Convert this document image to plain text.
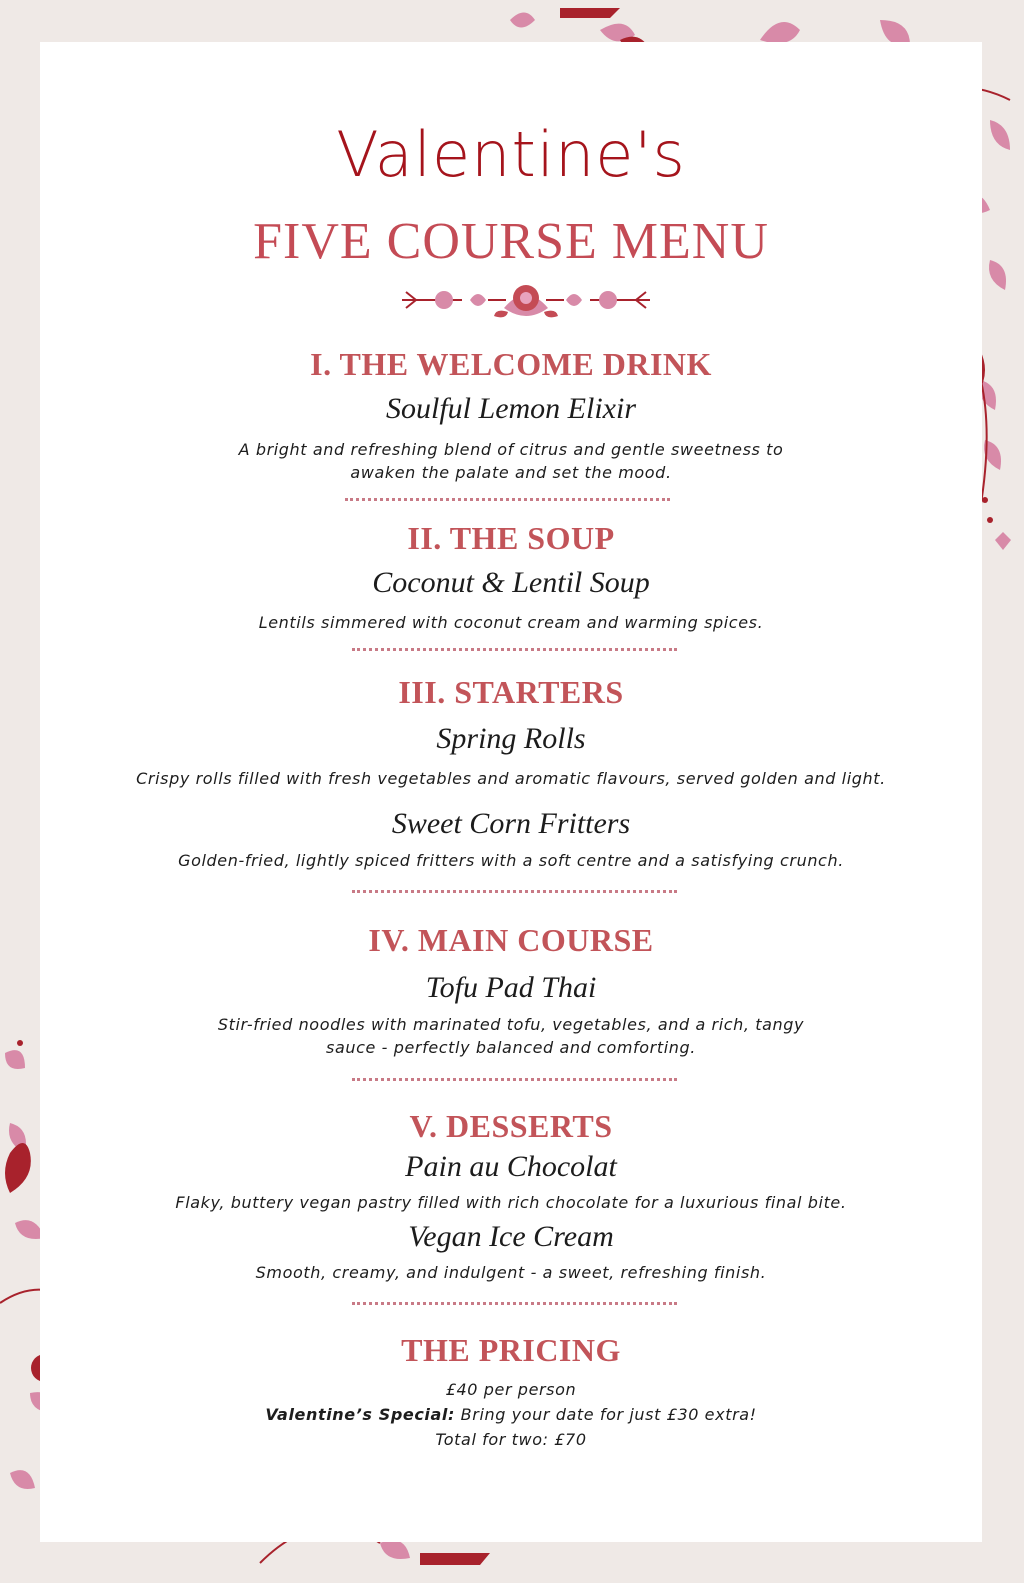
Valentine's
FIVE COURSE MENU
I. THE WELCOME DRINK
Soulful Lemon Elixir
A bright and refreshing blend of citrus and gentle sweetness to
awaken the palate and set the mood.
II. THE SOUP
Coconut & Lentil Soup
Lentils simmered with coconut cream and warming spices.
III. STARTERS
Spring Rolls
Crispy rolls filled with fresh vegetables and aromatic flavours, served golden and light.
Sweet Corn Fritters
Golden-fried, lightly spiced fritters with a soft centre and a satisfying crunch.
IV. MAIN COURSE
Tofu Pad Thai
Stir-fried noodles with marinated tofu, vegetables, and a rich, tangy
sauce - perfectly balanced and comforting.
V. DESSERTS
Pain au Chocolat
Flaky, buttery vegan pastry filled with rich chocolate for a luxurious final bite.
Vegan Ice Cream
Smooth, creamy, and indulgent - a sweet, refreshing finish.
THE PRICING
£40 per person
Valentine’s Special: Bring your date for just £30 extra!
Total for two: £70
